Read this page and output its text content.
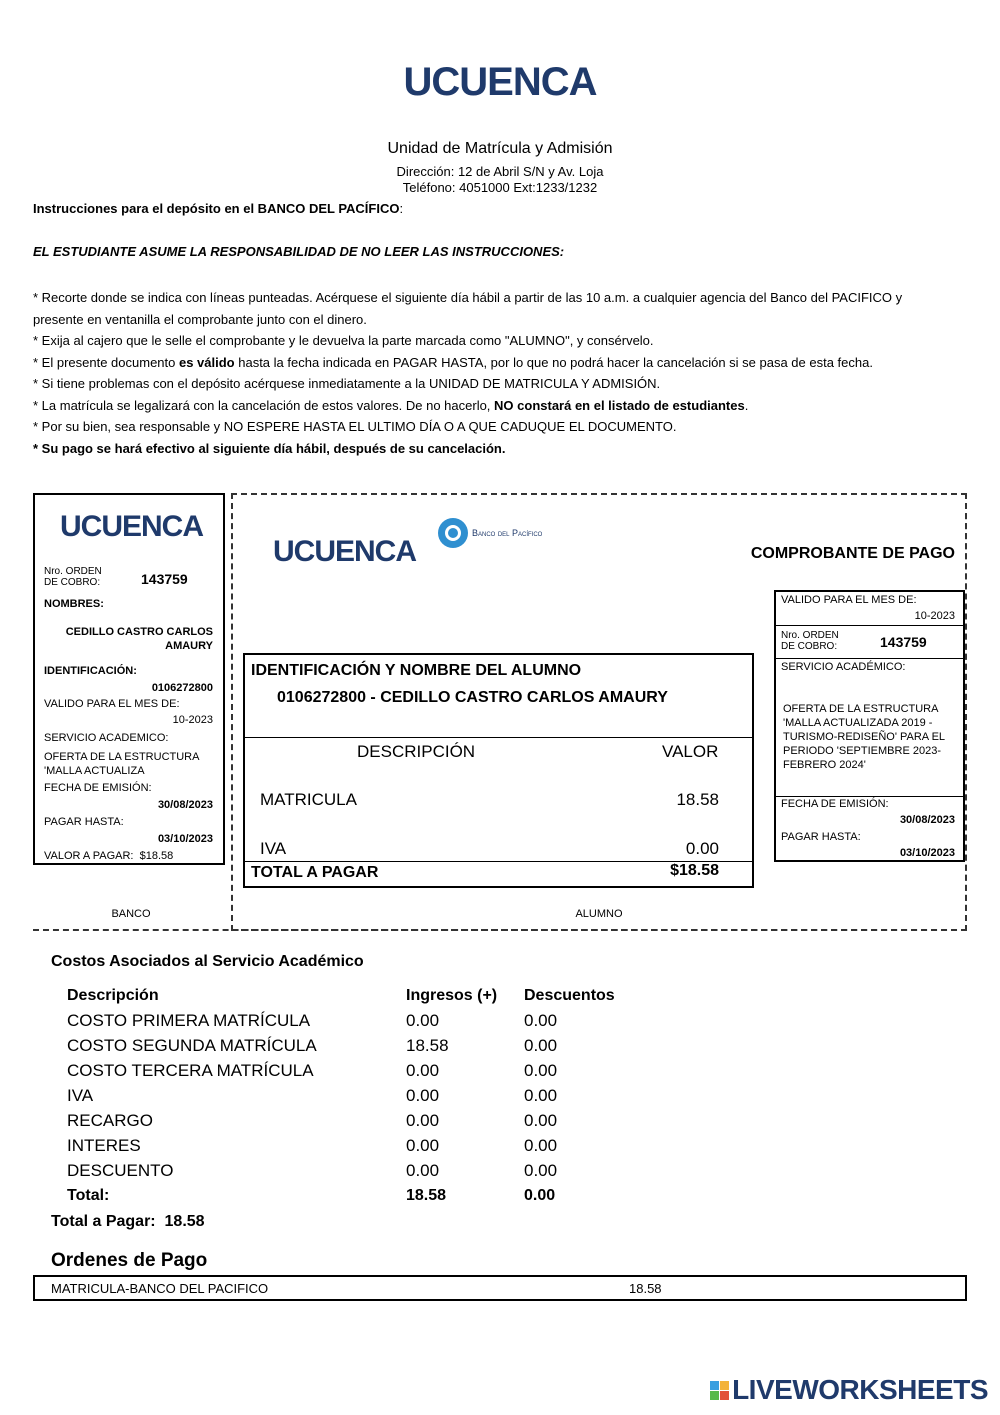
UCUENCA
Unidad de Matrícula y Admisión
Dirección: 12 de Abril S/N y Av. Loja
Teléfono: 4051000 Ext:1233/1232
Instrucciones para el depósito en el BANCO DEL PACÍFICO:
EL ESTUDIANTE ASUME LA RESPONSABILIDAD DE NO LEER LAS INSTRUCCIONES:
* Recorte donde se indica con líneas punteadas. Acérquese el siguiente día hábil a partir de las 10 a.m. a cualquier agencia del Banco del PACIFICO y
presente en ventanilla el comprobante junto con el dinero.
* Exija al cajero que le selle el comprobante y le devuelva la parte marcada como "ALUMNO", y consérvelo.
* El presente documento es válido hasta la fecha indicada en PAGAR HASTA, por lo que no podrá hacer la cancelación si se pasa de esta fecha.
* Si tiene problemas con el depósito acérquese inmediatamente a la UNIDAD DE MATRICULA Y ADMISIÓN.
* La matrícula se legalizará con la cancelación de estos valores. De no hacerlo, NO constará en el listado de estudiantes.
* Por su bien, sea responsable y NO ESPERE HASTA EL ULTIMO DÍA O A QUE CADUQUE EL DOCUMENTO.
* Su pago se hará efectivo al siguiente día hábil, después de su cancelación.
UCUENCA
Nro. ORDEN
DE COBRO:	143759
NOMBRES:
CEDILLO CASTRO CARLOS
AMAURY
IDENTIFICACIÓN:
0106272800
VALIDO PARA EL MES DE:
10-2023
SERVICIO ACADEMICO:
OFERTA DE LA ESTRUCTURA
'MALLA ACTUALIZA
FECHA DE EMISIÓN:
30/08/2023
PAGAR HASTA:
03/10/2023
VALOR A PAGAR: $18.58
BANCO
UCUENCA
Banco del Pacífico
COMPROBANTE DE PAGO
IDENTIFICACIÓN Y NOMBRE DEL ALUMNO
0106272800 - CEDILLO CASTRO CARLOS AMAURY
DESCRIPCIÓN	VALOR
MATRICULA	18.58
IVA	0.00
TOTAL A PAGAR	$18.58
VALIDO PARA EL MES DE:
10-2023
Nro. ORDEN
DE COBRO:	143759
SERVICIO ACADÉMICO:
OFERTA DE LA ESTRUCTURA
'MALLA ACTUALIZADA 2019 -
TURISMO-REDISEÑO' PARA EL
PERIODO 'SEPTIEMBRE 2023-
FEBRERO 2024'
FECHA DE EMISIÓN:
30/08/2023
PAGAR HASTA:
03/10/2023
ALUMNO
Costos Asociados al Servicio Académico
Descripción	Ingresos (+)	Descuentos
COSTO PRIMERA MATRÍCULA	0.00	0.00
COSTO SEGUNDA MATRÍCULA	18.58	0.00
COSTO TERCERA MATRÍCULA	0.00	0.00
IVA	0.00	0.00
RECARGO	0.00	0.00
INTERES	0.00	0.00
DESCUENTO	0.00	0.00
Total:	18.58	0.00
Total a Pagar: 18.58
Ordenes de Pago
MATRICULA-BANCO DEL PACIFICO	18.58
LIVEWORKSHEETS
